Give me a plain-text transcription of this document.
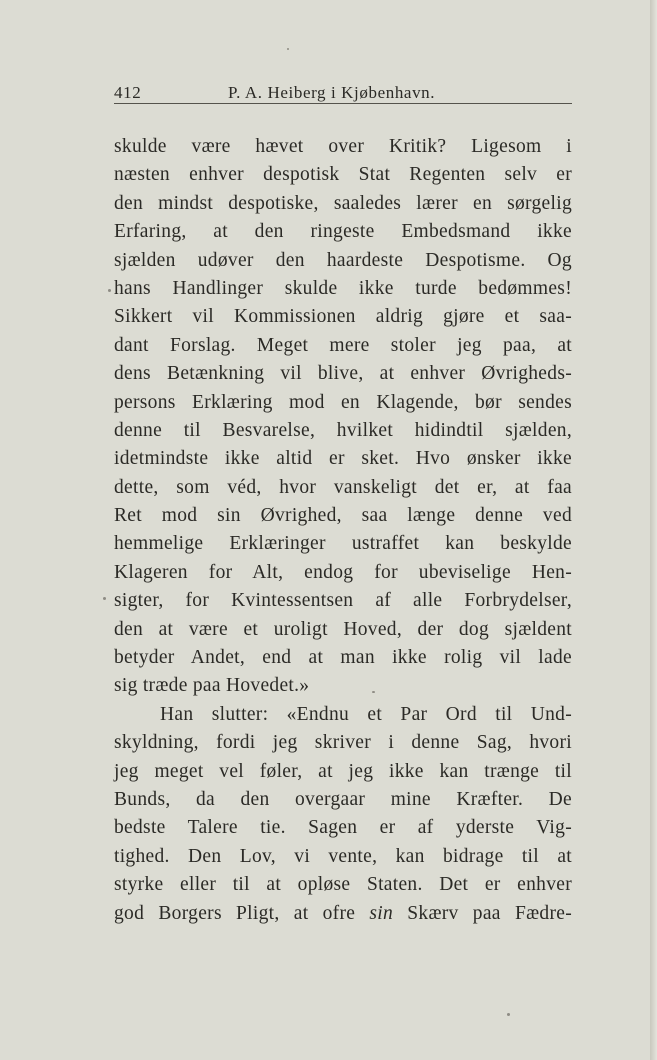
412	P. A. Heiberg i Kjøbenhavn.
skulde være hævet over Kritik? Ligesom i
næsten enhver despotisk Stat Regenten selv er
den mindst despotiske, saaledes lærer en sørgelig
Erfaring, at den ringeste Embedsmand ikke
sjælden udøver den haardeste Despotisme. Og
hans Handlinger skulde ikke turde bedømmes!
Sikkert vil Kommissionen aldrig gjøre et saa-
dant Forslag. Meget mere stoler jeg paa, at
dens Betænkning vil blive, at enhver Øvrigheds-
persons Erklæring mod en Klagende, bør sendes
denne til Besvarelse, hvilket hidindtil sjælden,
idetmindste ikke altid er sket. Hvo ønsker ikke
dette, som véd, hvor vanskeligt det er, at faa
Ret mod sin Øvrighed, saa længe denne ved
hemmelige Erklæringer ustraffet kan beskylde
Klageren for Alt, endog for ubeviselige Hen-
sigter, for Kvintessentsen af alle Forbrydelser,
den at være et uroligt Hoved, der dog sjældent
betyder Andet, end at man ikke rolig vil lade
sig træde paa Hovedet.»
Han slutter: «Endnu et Par Ord til Und-
skyldning, fordi jeg skriver i denne Sag, hvori
jeg meget vel føler, at jeg ikke kan trænge til
Bunds, da den overgaar mine Kræfter. De
bedste Talere tie. Sagen er af yderste Vig-
tighed. Den Lov, vi vente, kan bidrage til at
styrke eller til at opløse Staten. Det er enhver
god Borgers Pligt, at ofre sin Skærv paa Fædre-
